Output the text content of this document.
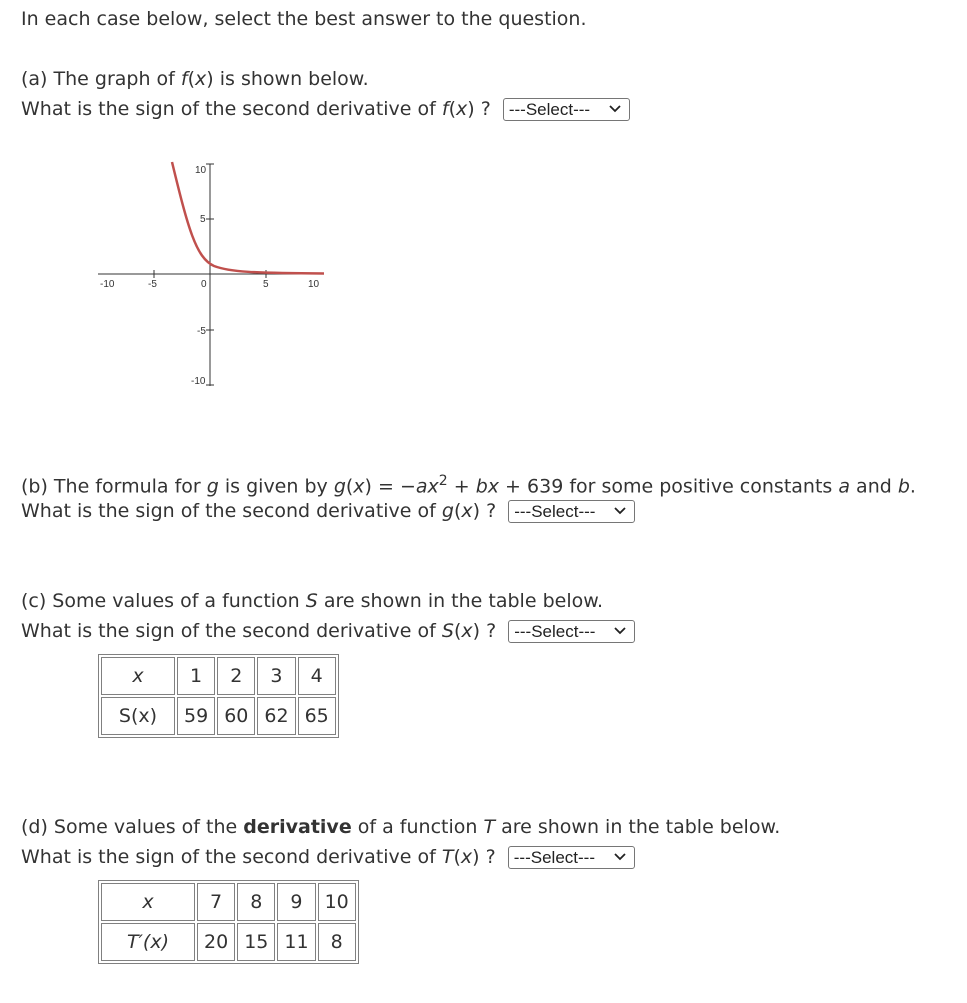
In each case below, select the best answer to the question.
(a) The graph of f(x) is shown below.
What is the sign of the second derivative of f(x) ? ---Select---
-10	-5	0	5	10
10
5
-5
-10
(b) The formula for g is given by $g(x) = -ax^2$ + bx + 639 for some positive constants a and b.
What is the sign of the second derivative of g(x) ? ---Select---
(c) Some values of a function S are shown in the table below.
What is the sign of the second derivative of S(x) ? ---Select---
x	1	2	3	4
S(x)	59	60	62	65
(d) Some values of the derivative of a function T are shown in the table below.
What is the sign of the second derivative of T(x) ? ---Select---
x	7	8	9	10
T′(x)	20	15	11	8
